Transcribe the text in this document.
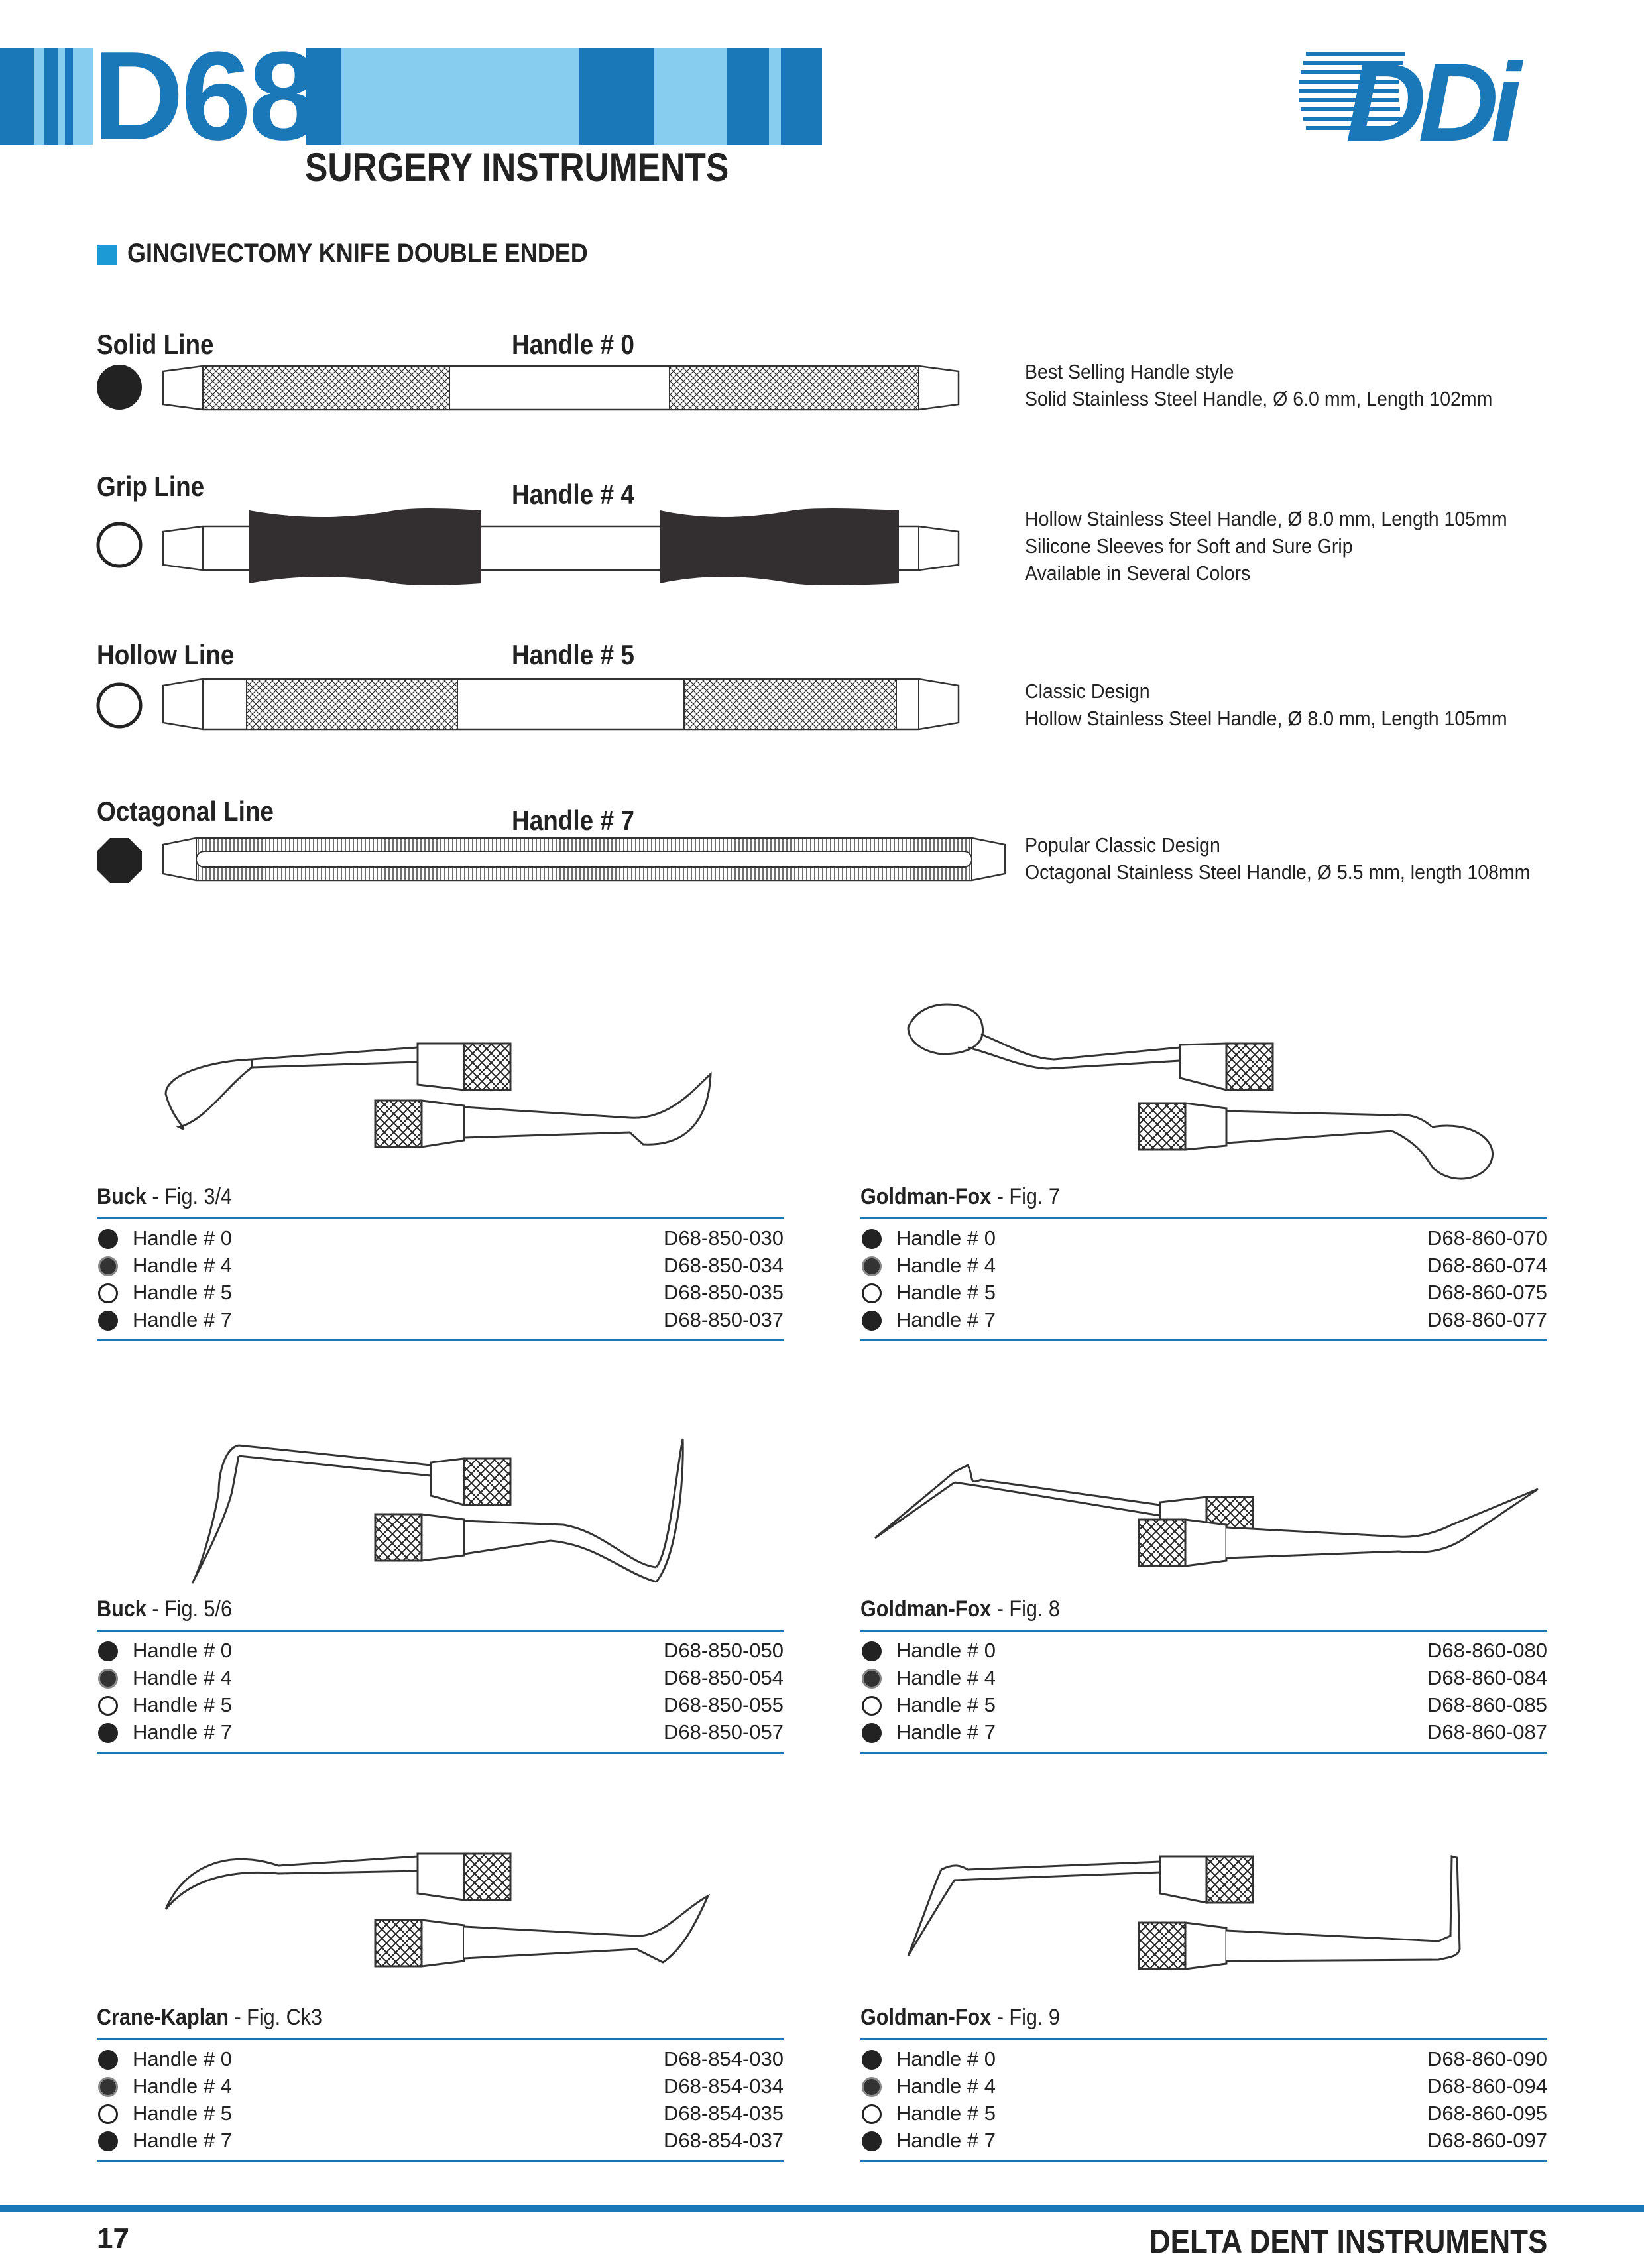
D68
SURGERY INSTRUMENTS
DDi
GINGIVECTOMY KNIFE DOUBLE ENDED
Solid Line	Handle # 0
Best Selling Handle style
Solid Stainless Steel Handle, Ø 6.0 mm, Length 102mm
Grip Line	Handle # 4
Hollow Stainless Steel Handle, Ø 8.0 mm, Length 105mm
Silicone Sleeves for Soft and Sure Grip
Available in Several Colors
Hollow Line	Handle # 5
Classic Design
Hollow Stainless Steel Handle, Ø 8.0 mm, Length 105mm
Octagonal Line	Handle # 7
Popular Classic Design
Octagonal Stainless Steel Handle, Ø 5.5 mm, length 108mm
Buck - Fig. 3/4
Handle # 0	D68-850-030
Handle # 4	D68-850-034
Handle # 5	D68-850-035
Handle # 7	D68-850-037
Goldman-Fox - Fig. 7
Handle # 0	D68-860-070
Handle # 4	D68-860-074
Handle # 5	D68-860-075
Handle # 7	D68-860-077
Buck - Fig. 5/6
Handle # 0	D68-850-050
Handle # 4	D68-850-054
Handle # 5	D68-850-055
Handle # 7	D68-850-057
Goldman-Fox - Fig. 8
Handle # 0	D68-860-080
Handle # 4	D68-860-084
Handle # 5	D68-860-085
Handle # 7	D68-860-087
Crane-Kaplan - Fig. Ck3
Handle # 0	D68-854-030
Handle # 4	D68-854-034
Handle # 5	D68-854-035
Handle # 7	D68-854-037
Goldman-Fox - Fig. 9
Handle # 0	D68-860-090
Handle # 4	D68-860-094
Handle # 5	D68-860-095
Handle # 7	D68-860-097
17	DELTA DENT INSTRUMENTS
